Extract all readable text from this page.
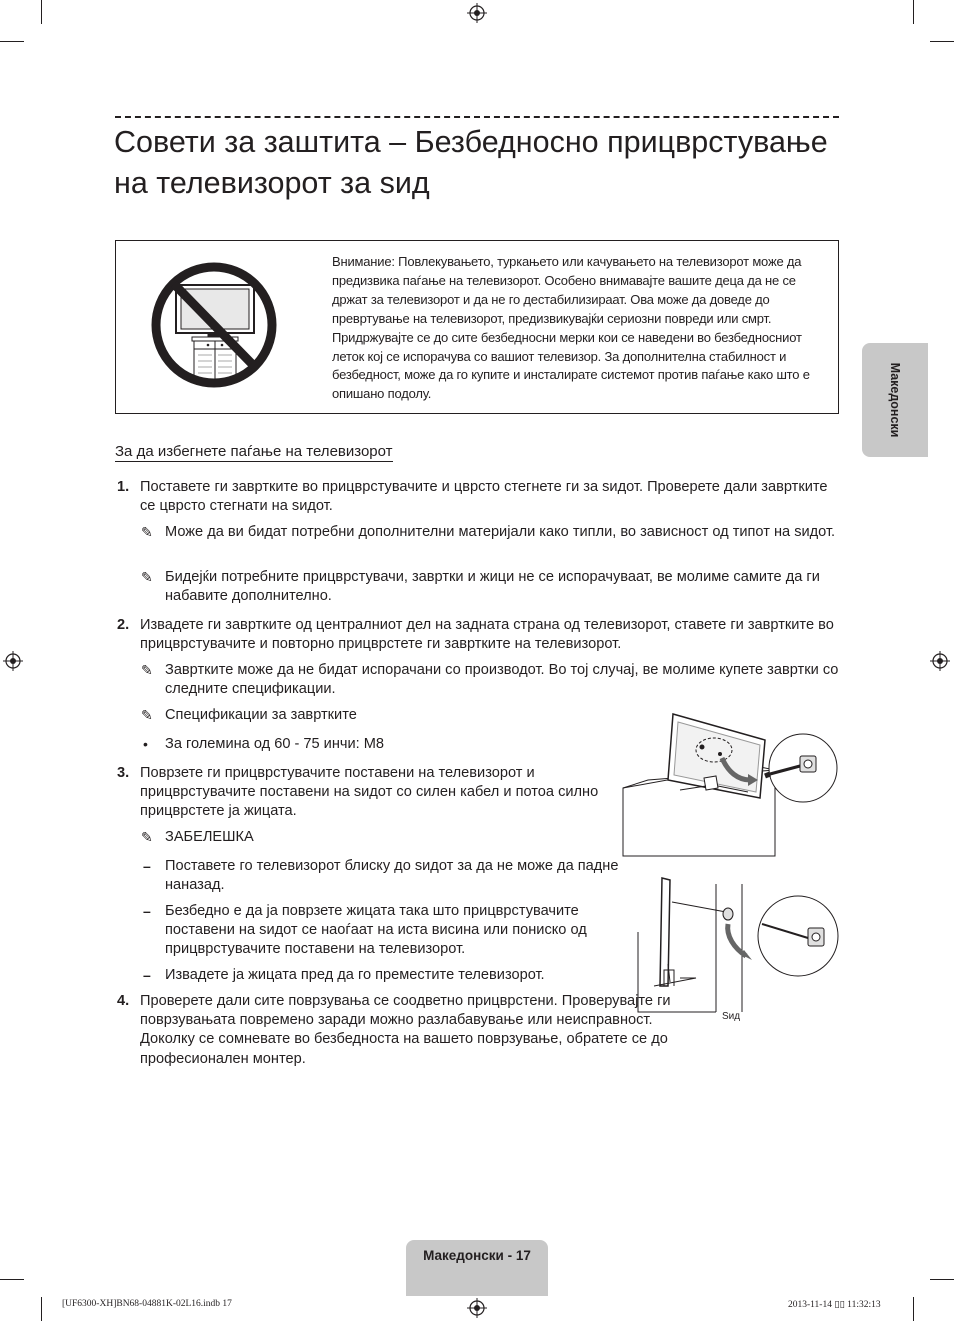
Совети за заштита – Безбедносно прицврстување на телевизорот за ѕид
Внимание: Повлекувањето, туркањето или качувањето на телевизорот може да предизвика паѓање на телевизорот. Особено внимавајте вашите деца да не се држат за телевизорот и да не го дестабилизираат. Ова може да доведе до превртување на телевизорот, предизвикувајќи сериозни повреди или смрт. Придржувајте се до сите безбедносни мерки кои се наведени во безбедносниот леток кој се испорачува со вашиот телевизор. За дополнителна стабилност и безбедност, може да го купите и инсталирате системот против паѓање како што е опишано подолу.	Македонски
За да избегнете паѓање на телевизорот
1. Поставете ги завртките во прицврстувачите и цврсто стегнете ги за ѕидот. Проверете дали завртките се цврсто стегнати на ѕидот.
✎ Може да ви бидат потребни дополнителни материјали како типли, во зависност од типот на ѕидот.
✎ Бидејќи потребните прицврстувачи, завртки и жици не се испорачуваат, ве молиме самите да ги набавите дополнително.
2. Извадете ги завртките од централниот дел на задната страна од телевизорот, ставете ги завртките во прицврстувачите и повторно прицврстете ги завртките на телевизорот.
✎ Завртките може да не бидат испорачани со производот. Во тој случај, ве молиме купете завртки со следните спецификации.
✎ Спецификации за завртките
• За големина од 60 - 75 инчи: M8
3. Поврзете ги прицврстувачите поставени на телевизорот и прицврстувачите поставени на ѕидот со силен кабел и потоа силно прицврстете ја жицата.
✎ ЗАБЕЛЕШКА
– Поставете го телевизорот блиску до ѕидот за да не може да падне наназад.
– Безбедно е да ја поврзете жицата така што прицврстувачите поставени на ѕидот се наоѓаат на иста висина или пониско од прицврстувачите поставени на телевизорот.
– Извадете ја жицата пред да го преместите телевизорот.
4. Проверете дали сите поврзувања се соодветно прицврстени. Проверувајте ги поврзувањата повремено заради можно разлабавување или неисправност. Доколку се сомневате во безбедноста на вашето поврзување, обратете се до професионален монтер.
Ѕид
Македонски - 17
[UF6300-XH]BN68-04881K-02L16.indb 17	2013-11-14 ▯▯ 11:32:13
